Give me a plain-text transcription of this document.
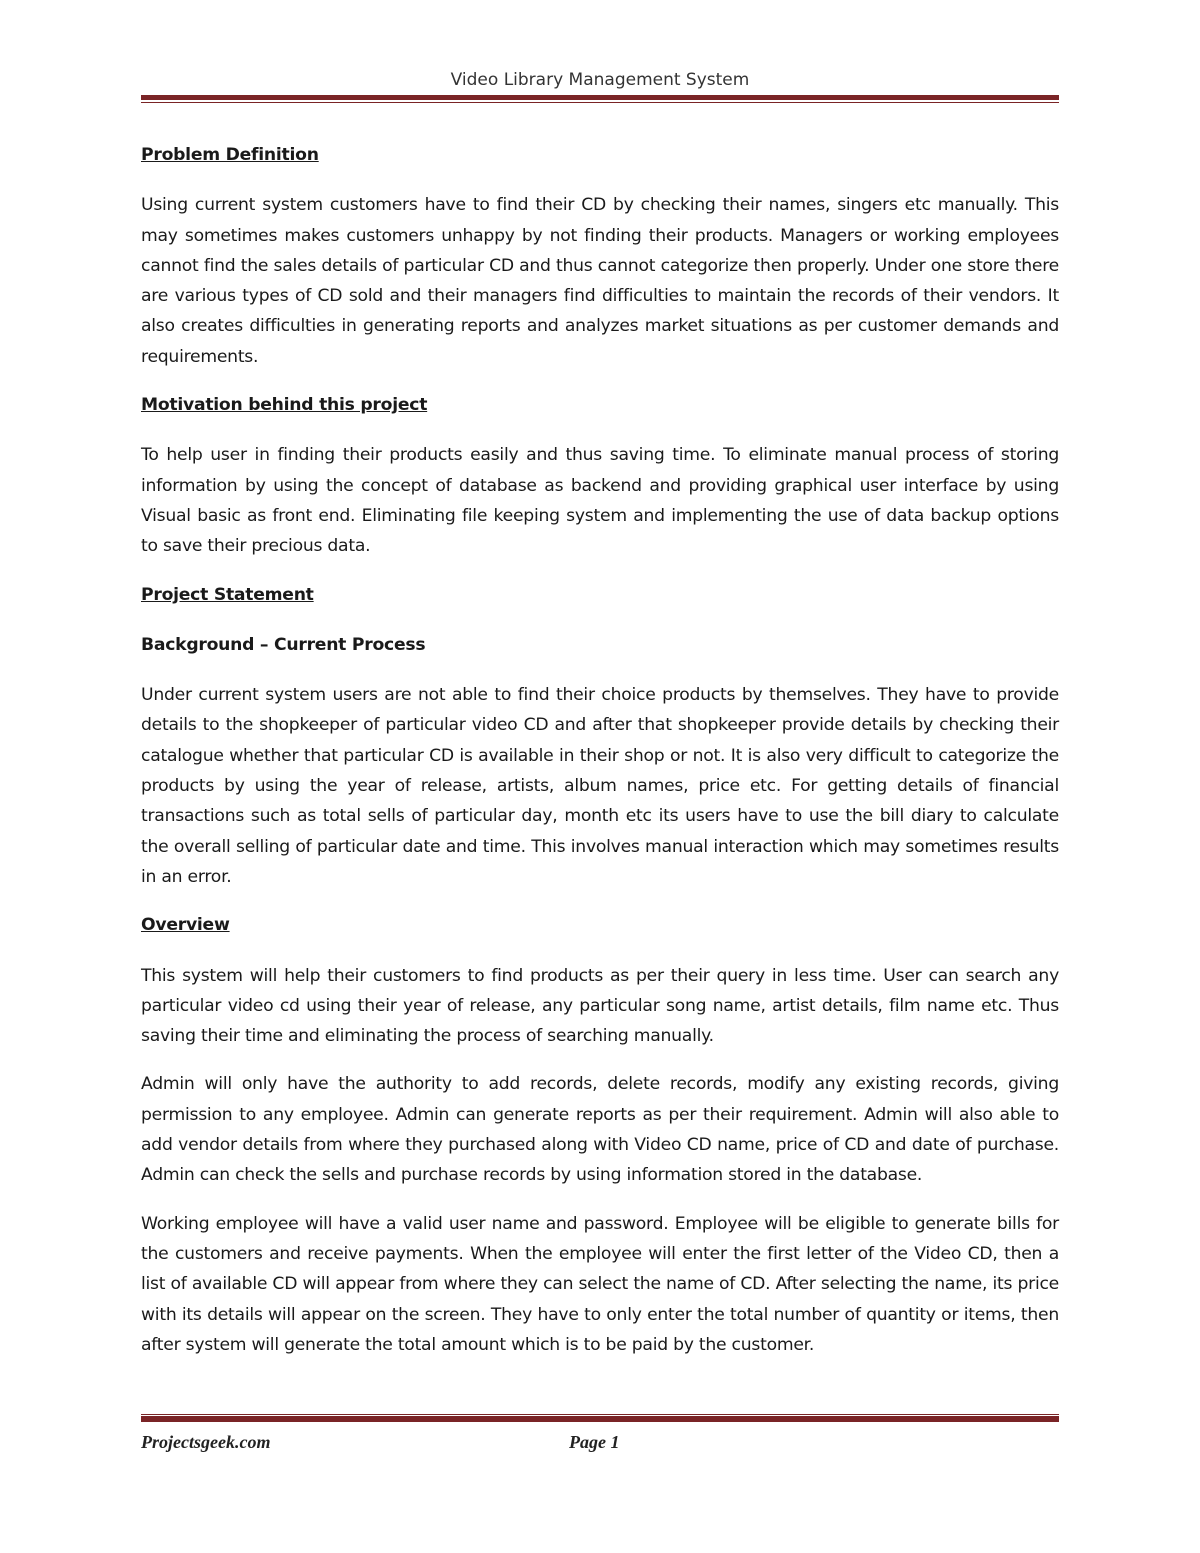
Video Library Management System
Problem Definition

Using current system customers have to find their CD by checking their names, singers etc manually. This may sometimes makes customers unhappy by not finding their products. Managers or working employees cannot find the sales details of particular CD and thus cannot categorize then properly. Under one store there are various types of CD sold and their managers find difficulties to maintain the records of their vendors. It also creates difficulties in generating reports and analyzes market situations as per customer demands and requirements.

Motivation behind this project

To help user in finding their products easily and thus saving time. To eliminate manual process of storing information by using the concept of database as backend and providing graphical user interface by using Visual basic as front end. Eliminating file keeping system and implementing the use of data backup options to save their precious data.

Project Statement
Background – Current Process

Under current system users are not able to find their choice products by themselves. They have to provide details to the shopkeeper of particular video CD and after that shopkeeper provide details by checking their catalogue whether that particular CD is available in their shop or not. It is also very difficult to categorize the products by using the year of release, artists, album names, price etc. For getting details of financial transactions such as total sells of particular day, month etc its users have to use the bill diary to calculate the overall selling of particular date and time. This involves manual interaction which may sometimes results in an error.

Overview

This system will help their customers to find products as per their query in less time. User can search any particular video cd using their year of release, any particular song name, artist details, film name etc. Thus saving their time and eliminating the process of searching manually.

Admin will only have the authority to add records, delete records, modify any existing records, giving permission to any employee. Admin can generate reports as per their requirement. Admin will also able to add vendor details from where they purchased along with Video CD name, price of CD and date of purchase. Admin can check the sells and purchase records by using information stored in the database.

Working employee will have a valid user name and password. Employee will be eligible to generate bills for the customers and receive payments. When the employee will enter the first letter of the Video CD, then a list of available CD will appear from where they can select the name of CD. After selecting the name, its price with its details will appear on the screen. They have to only enter the total number of quantity or items, then after system will generate the total amount which is to be paid by the customer.

Projectsgeek.com	Page 1
